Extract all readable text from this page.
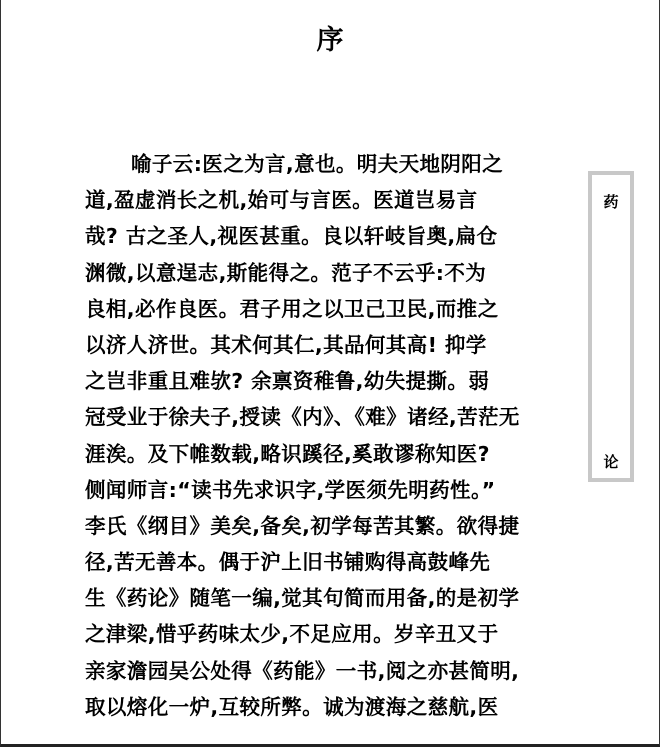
序
喻子云:医之为言,意也。明夫天地阴阳之
道,盈虚消长之机,始可与言医。医道岂易言
哉? 古之圣人,视医甚重。良以轩岐旨奥,扁仓
渊微,以意逞志,斯能得之。范子不云乎:不为
良相,必作良医。君子用之以卫己卫民,而推之
以济人济世。其术何其仁,其品何其高! 抑学
之岂非重且难欤? 余禀资稚鲁,幼失提撕。弱
冠受业于徐夫子,授读《内》、《难》诸经,苦茫无
涯涘。及下帷数载,略识蹊径,奚敢谬称知医?
侧闻师言:“读书先求识字,学医须先明药性。”
李氏《纲目》美矣,备矣,初学每苦其繁。欲得捷
径,苦无善本。偶于沪上旧书铺购得高鼓峰先
生《药论》随笔一编,觉其句简而用备,的是初学
之津梁,惜乎药味太少,不足应用。岁辛丑又于
亲家澹园吴公处得《药能》一书,阅之亦甚简明,
取以熔化一炉,互较所弊。诚为渡海之慈航,医
药
论
